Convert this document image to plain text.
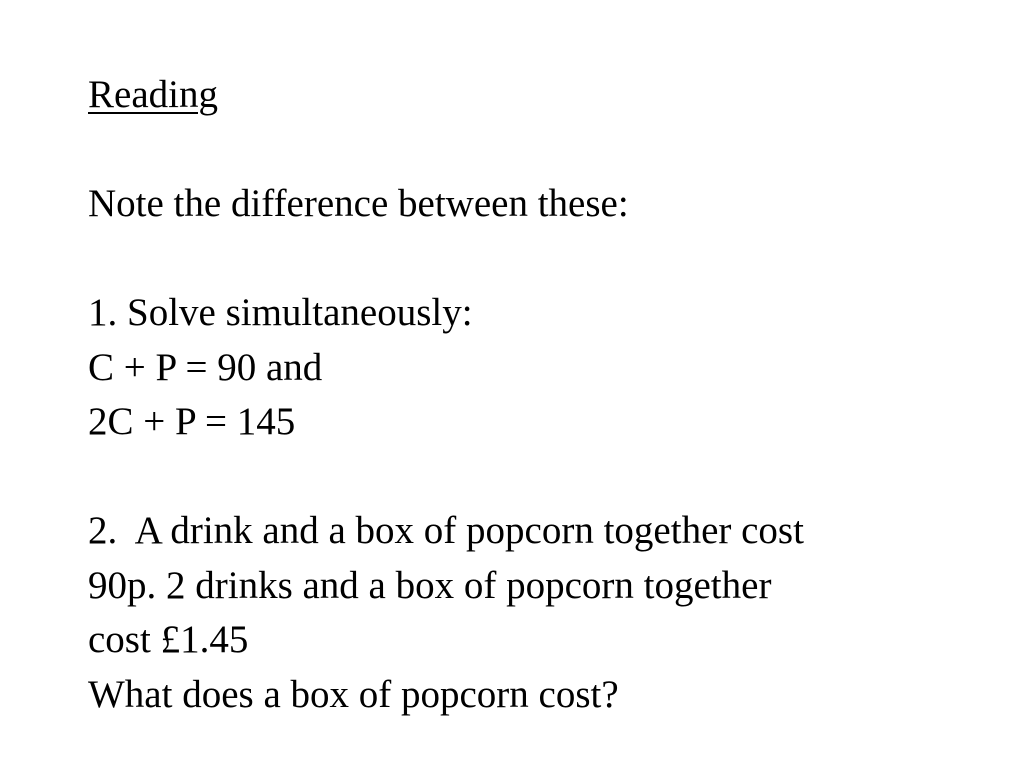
Reading
Note the difference between these:
1. Solve simultaneously:
C + P = 90 and
2C + P = 145
2.  A drink and a box of popcorn together cost
90p. 2 drinks and a box of popcorn together
cost £1.45
What does a box of popcorn cost?
